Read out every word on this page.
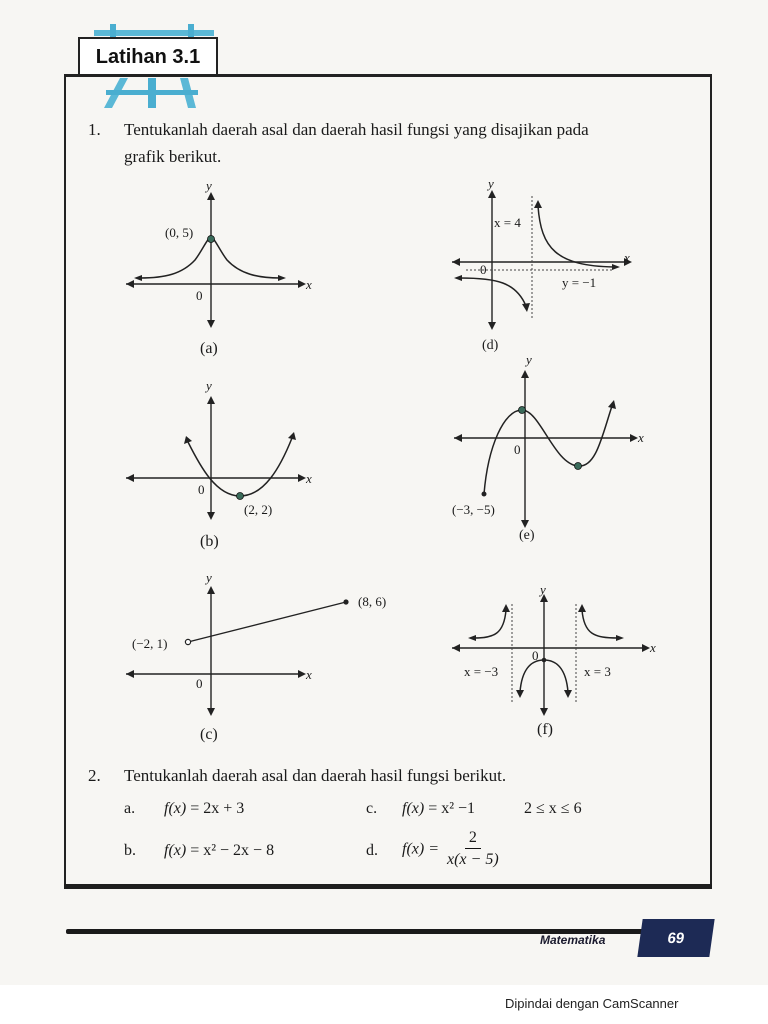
Latihan 3.1
1. Tentukanlah daerah asal dan daerah hasil fungsi yang disajikan pada
grafik berikut.
(0, 5)
0
x
y
(a)
x = 4
y = −1
0
x
y
(d)
(2, 2)
0
x
y
(b)
(−3, −5)
0
x
y
(e)
(−2, 1)
(8, 6)
0
x
y
(c)
x = −3	x = 3
0
x
y
(f)
2. Tentukanlah daerah asal dan daerah hasil fungsi berikut.
a. f(x) = 2x + 3
b. f(x) = x² − 2x − 8
c. f(x) = x² −1	2 ≤ x ≤ 6
d. $f(x) = \frac{2}{x(x - 5)}$
Matematika	69
Dipindai dengan CamScanner
